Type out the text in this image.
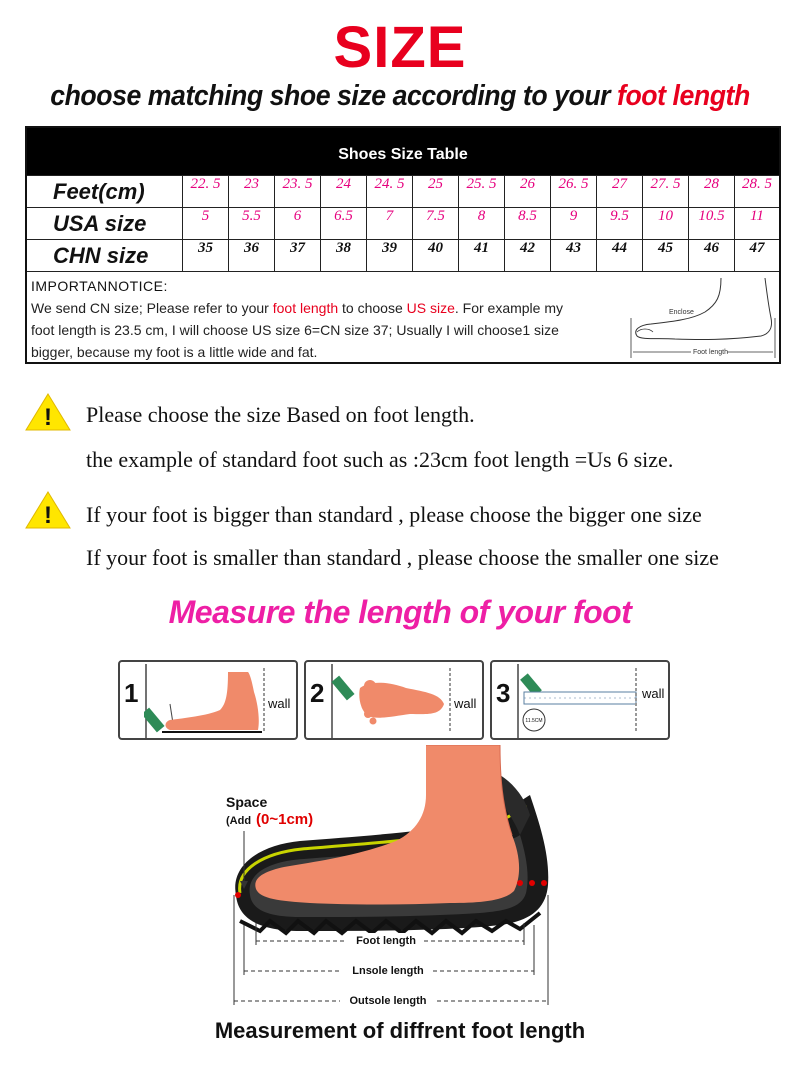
SIZE
choose matching shoe size according to your foot length
Shoes Size Table
Feet(cm)	22. 5	23	23. 5	24	24. 5	25	25. 5	26	26. 5	27	27. 5	28	28. 5
USA size	5	5.5	6	6.5	7	7.5	8	8.5	9	9.5	10	10.5	11
CHN size	35	36	37	38	39	40	41	42	43	44	45	46	47
IMPORTANNOTICE:
We send CN size; Please refer to your foot length to choose US size. For example my
foot length is 23.5 cm, I will choose US size 6=CN size 37; Usually I will choose1 size
bigger, because my foot is a little wide and fat.	Foot length
Enclose
! Please choose the size Based on foot length.
the example of standard foot such as :23cm foot length =Us 6 size.
! If your foot is bigger than standard , please choose the bigger one size
If your foot is smaller than standard , please choose the smaller one size
Measure the length of your foot
1	wall 2	wall 3
11.5CM
wall
Foot length
Lnsole length
Outsole length
Space
(Add (0~1cm)
Measurement of diffrent foot length
